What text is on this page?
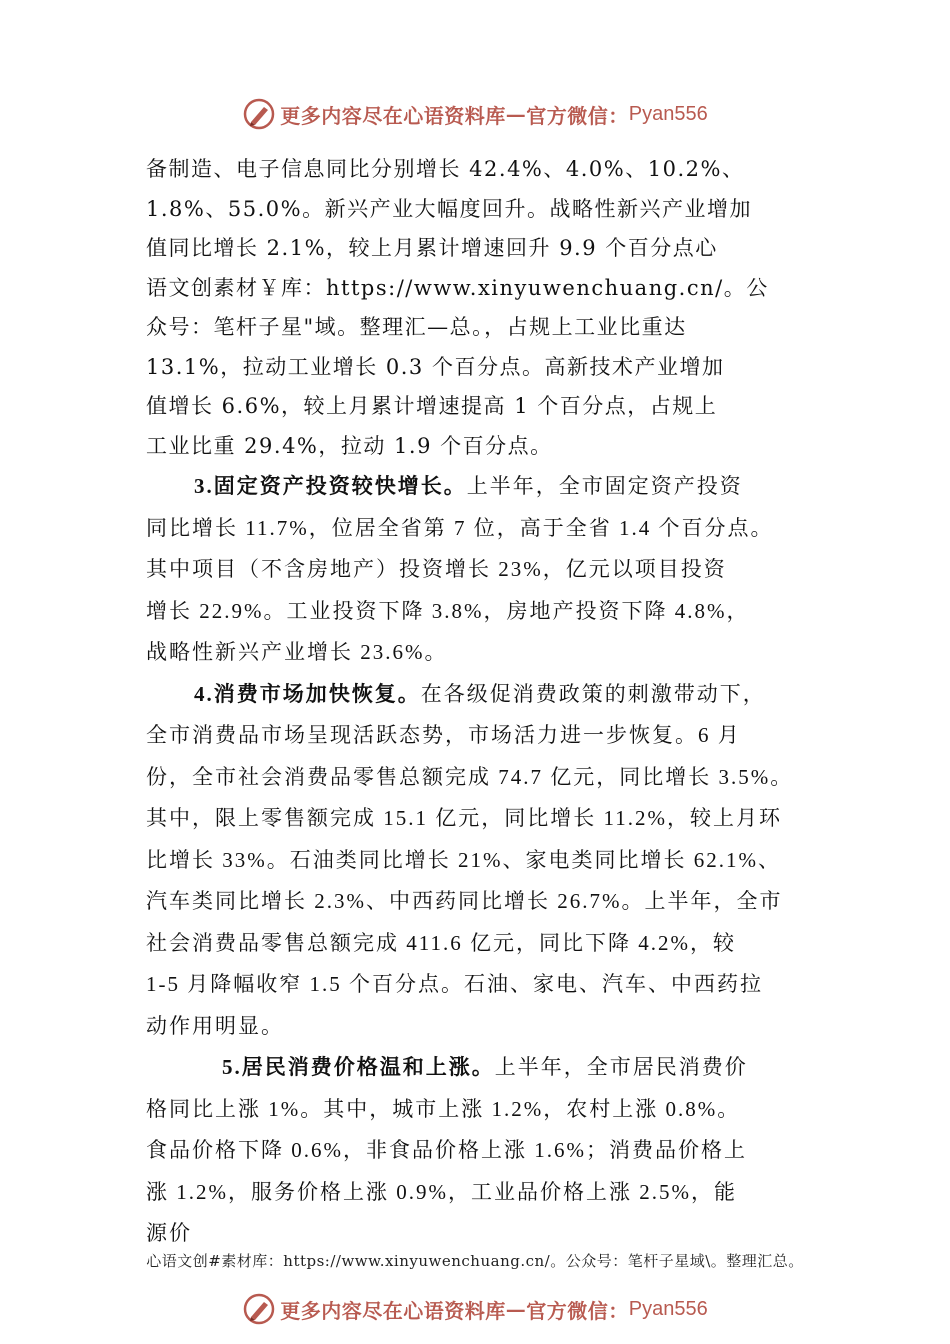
更多内容尽在心语资料库 — 官方微信： Pyan556
备制造、电子信息同比分别增长 42.4%、4.0%、10.2%、
1.8%、55.0%。新兴产业大幅度回升。战略性新兴产业增加
值同比增长 2.1%，较上月累计增速回升 9.9 个百分点心
语文创素材￥库：https://www.xinyuwenchuang.cn/。公
众号：笔杆子星"域。整理汇—总。，占规上工业比重达
13.1%，拉动工业增长 0.3 个百分点。高新技术产业增加
值增长 6.6%，较上月累计增速提高 1 个百分点，占规上
工业比重 29.4%，拉动 1.9 个百分点。
3.固定资产投资较快增长。上半年，全市固定资产投资
同比增长 11.7%，位居全省第 7 位，高于全省 1.4 个百分点。
其中项目（不含房地产）投资增长 23%，亿元以项目投资
增长 22.9%。工业投资下降 3.8%，房地产投资下降 4.8%，
战略性新兴产业增长 23.6%。
4.消费市场加快恢复。在各级促消费政策的刺激带动下，
全市消费品市场呈现活跃态势，市场活力进一步恢复。6 月
份，全市社会消费品零售总额完成 74.7 亿元，同比增长 3.5%。
其中，限上零售额完成 15.1 亿元，同比增长 11.2%，较上月环
比增长 33%。石油类同比增长 21%、家电类同比增长 62.1%、
汽车类同比增长 2.3%、中西药同比增长 26.7%。上半年，全市
社会消费品零售总额完成 411.6 亿元，同比下降 4.2%，较
1-5 月降幅收窄 1.5 个百分点。石油、家电、汽车、中西药拉
动作用明显。
5.居民消费价格温和上涨。上半年，全市居民消费价
格同比上涨 1%。其中，城市上涨 1.2%，农村上涨 0.8%。
食品价格下降 0.6%，非食品价格上涨 1.6%；消费品价格上
涨 1.2%，服务价格上涨 0.9%，工业品价格上涨 2.5%，能
源价
心语文创#素材库：https://www.xinyuwenchuang.cn/。公众号：笔杆子星域\。整理汇总。
更多内容尽在心语资料库 — 官方微信： Pyan556
